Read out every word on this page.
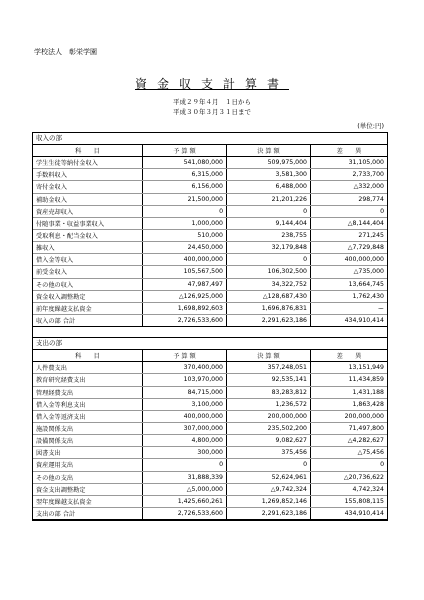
学校法人　彰栄学園
資金収支計算書
平成２９年４月　１日から
平成３０年３月３１日まで
(単位:円)
収入の部
科　　目	予 算 額	決 算 額	差　　異
学生生徒等納付金収入	541,080,000	509,975,000	31,105,000
手数料収入	6,315,000	3,581,300	2,733,700
寄付金収入	6,156,000	6,488,000	△332,000
補助金収入	21,500,000	21,201,226	298,774
資産売却収入	0	0	0
付随事業・収益事業収入	1,000,000	9,144,404	△8,144,404
受取利息・配当金収入	510,000	238,755	271,245
雑収入	24,450,000	32,179,848	△7,729,848
借入金等収入	400,000,000	0	400,000,000
前受金収入	105,567,500	106,302,500	△735,000
その他の収入	47,987,497	34,322,752	13,664,745
資金収入調整勘定	△126,925,000	△128,687,430	1,762,430
前年度繰越支払資金	1,698,892,603	1,696,876,831	ー
収入の部 合計	2,726,533,600	2,291,623,186	434,910,414
支出の部
科　　目	予 算 額	決 算 額	差　　異
人件費支出	370,400,000	357,248,051	13,151,949
教育研究経費支出	103,970,000	92,535,141	11,434,859
管理経費支出	84,715,000	83,283,812	1,431,188
借入金等利息支出	3,100,000	1,236,572	1,863,428
借入金等返済支出	400,000,000	200,000,000	200,000,000
施設関係支出	307,000,000	235,502,200	71,497,800
設備関係支出	4,800,000	9,082,627	△4,282,627
図書支出	300,000	375,456	△75,456
資産運用支出	0	0	0
その他の支出	31,888,339	52,624,961	△20,736,622
資金支出調整勘定	△5,000,000	△9,742,324	4,742,324
翌年度繰越支払資金	1,425,660,261	1,269,852,146	155,808,115
支出の部 合計	2,726,533,600	2,291,623,186	434,910,414
